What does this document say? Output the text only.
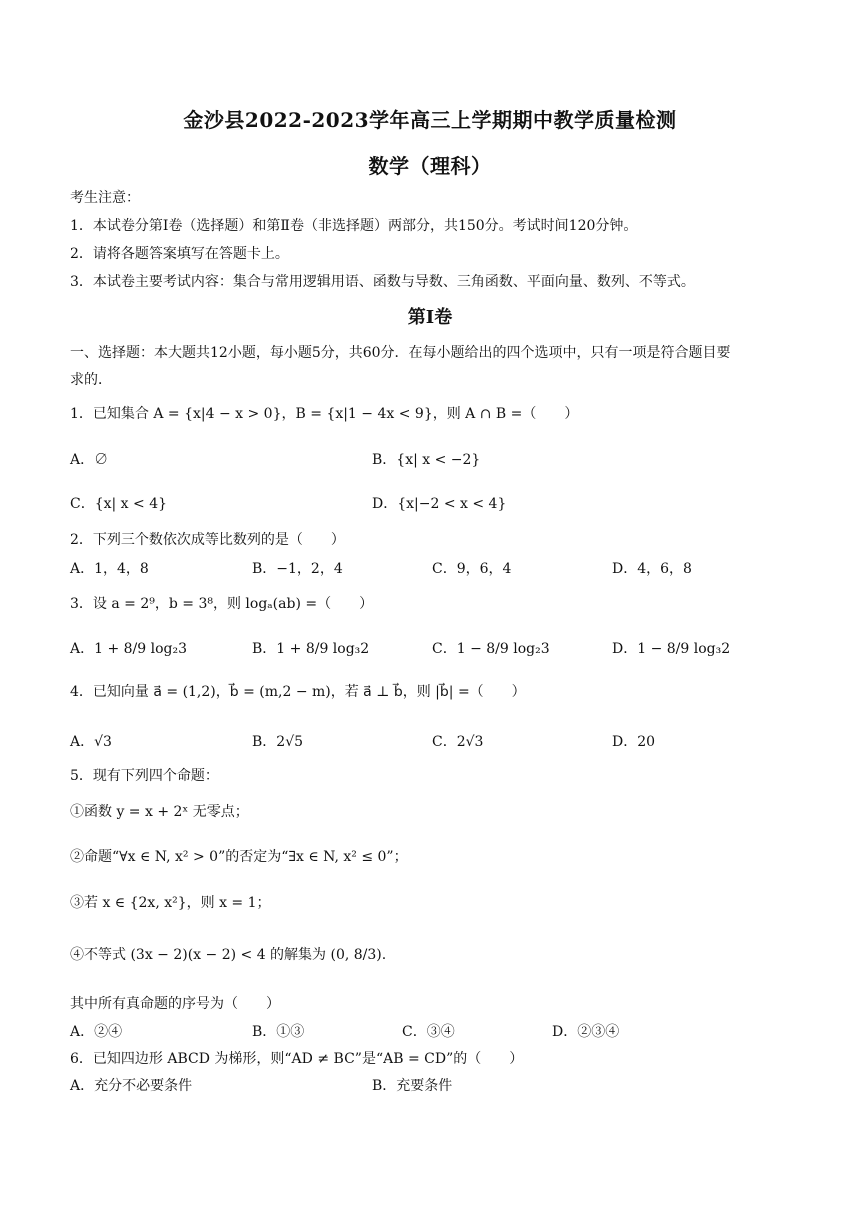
金沙县2022-2023学年高三上学期期中教学质量检测
数学（理科）
考生注意：
1．本试卷分第Ⅰ卷（选择题）和第Ⅱ卷（非选择题）两部分，共150分。考试时间120分钟。
2．请将各题答案填写在答题卡上。
3．本试卷主要考试内容：集合与常用逻辑用语、函数与导数、三角函数、平面向量、数列、不等式。
第Ⅰ卷
一、选择题：本大题共12小题，每小题5分，共60分．在每小题给出的四个选项中，只有一项是符合题目要
求的．
1．已知集合 A = {x|4 − x > 0}，B = {x|1 − 4x < 9}，则 A ∩ B =（　　）
A．∅	B．{x| x < −2}
C．{x| x < 4}	D．{x|−2 < x < 4}
2．下列三个数依次成等比数列的是（　　）
A．1，4，8	B．−1，2，4	C．9，6，4	D．4，6，8
3．设 a = 2⁹，b = 3⁸，则 logₐ(ab) =（　　）
A．1 + 8/9 log₂3	B．1 + 8/9 log₃2	C．1 − 8/9 log₂3	D．1 − 8/9 log₃2
4．已知向量 a⃗ = (1,2)，b⃗ = (m,2 − m)，若 a⃗ ⊥ b⃗，则 |b⃗| =（　　）
A．√3	B．2√5	C．2√3	D．20
5．现有下列四个命题：
①函数 y = x + 2ˣ 无零点；
②命题“∀x ∈ N, x² > 0”的否定为“∃x ∈ N, x² ≤ 0”；
③若 x ∈ {2x, x²}，则 x = 1；
④不等式 (3x − 2)(x − 2) < 4 的解集为 (0, 8/3).
其中所有真命题的序号为（　　）
A．②④	B．①③	C．③④	D．②③④
6．已知四边形 ABCD 为梯形，则“AD ≠ BC”是“AB = CD”的（　　）
A．充分不必要条件	B．充要条件
